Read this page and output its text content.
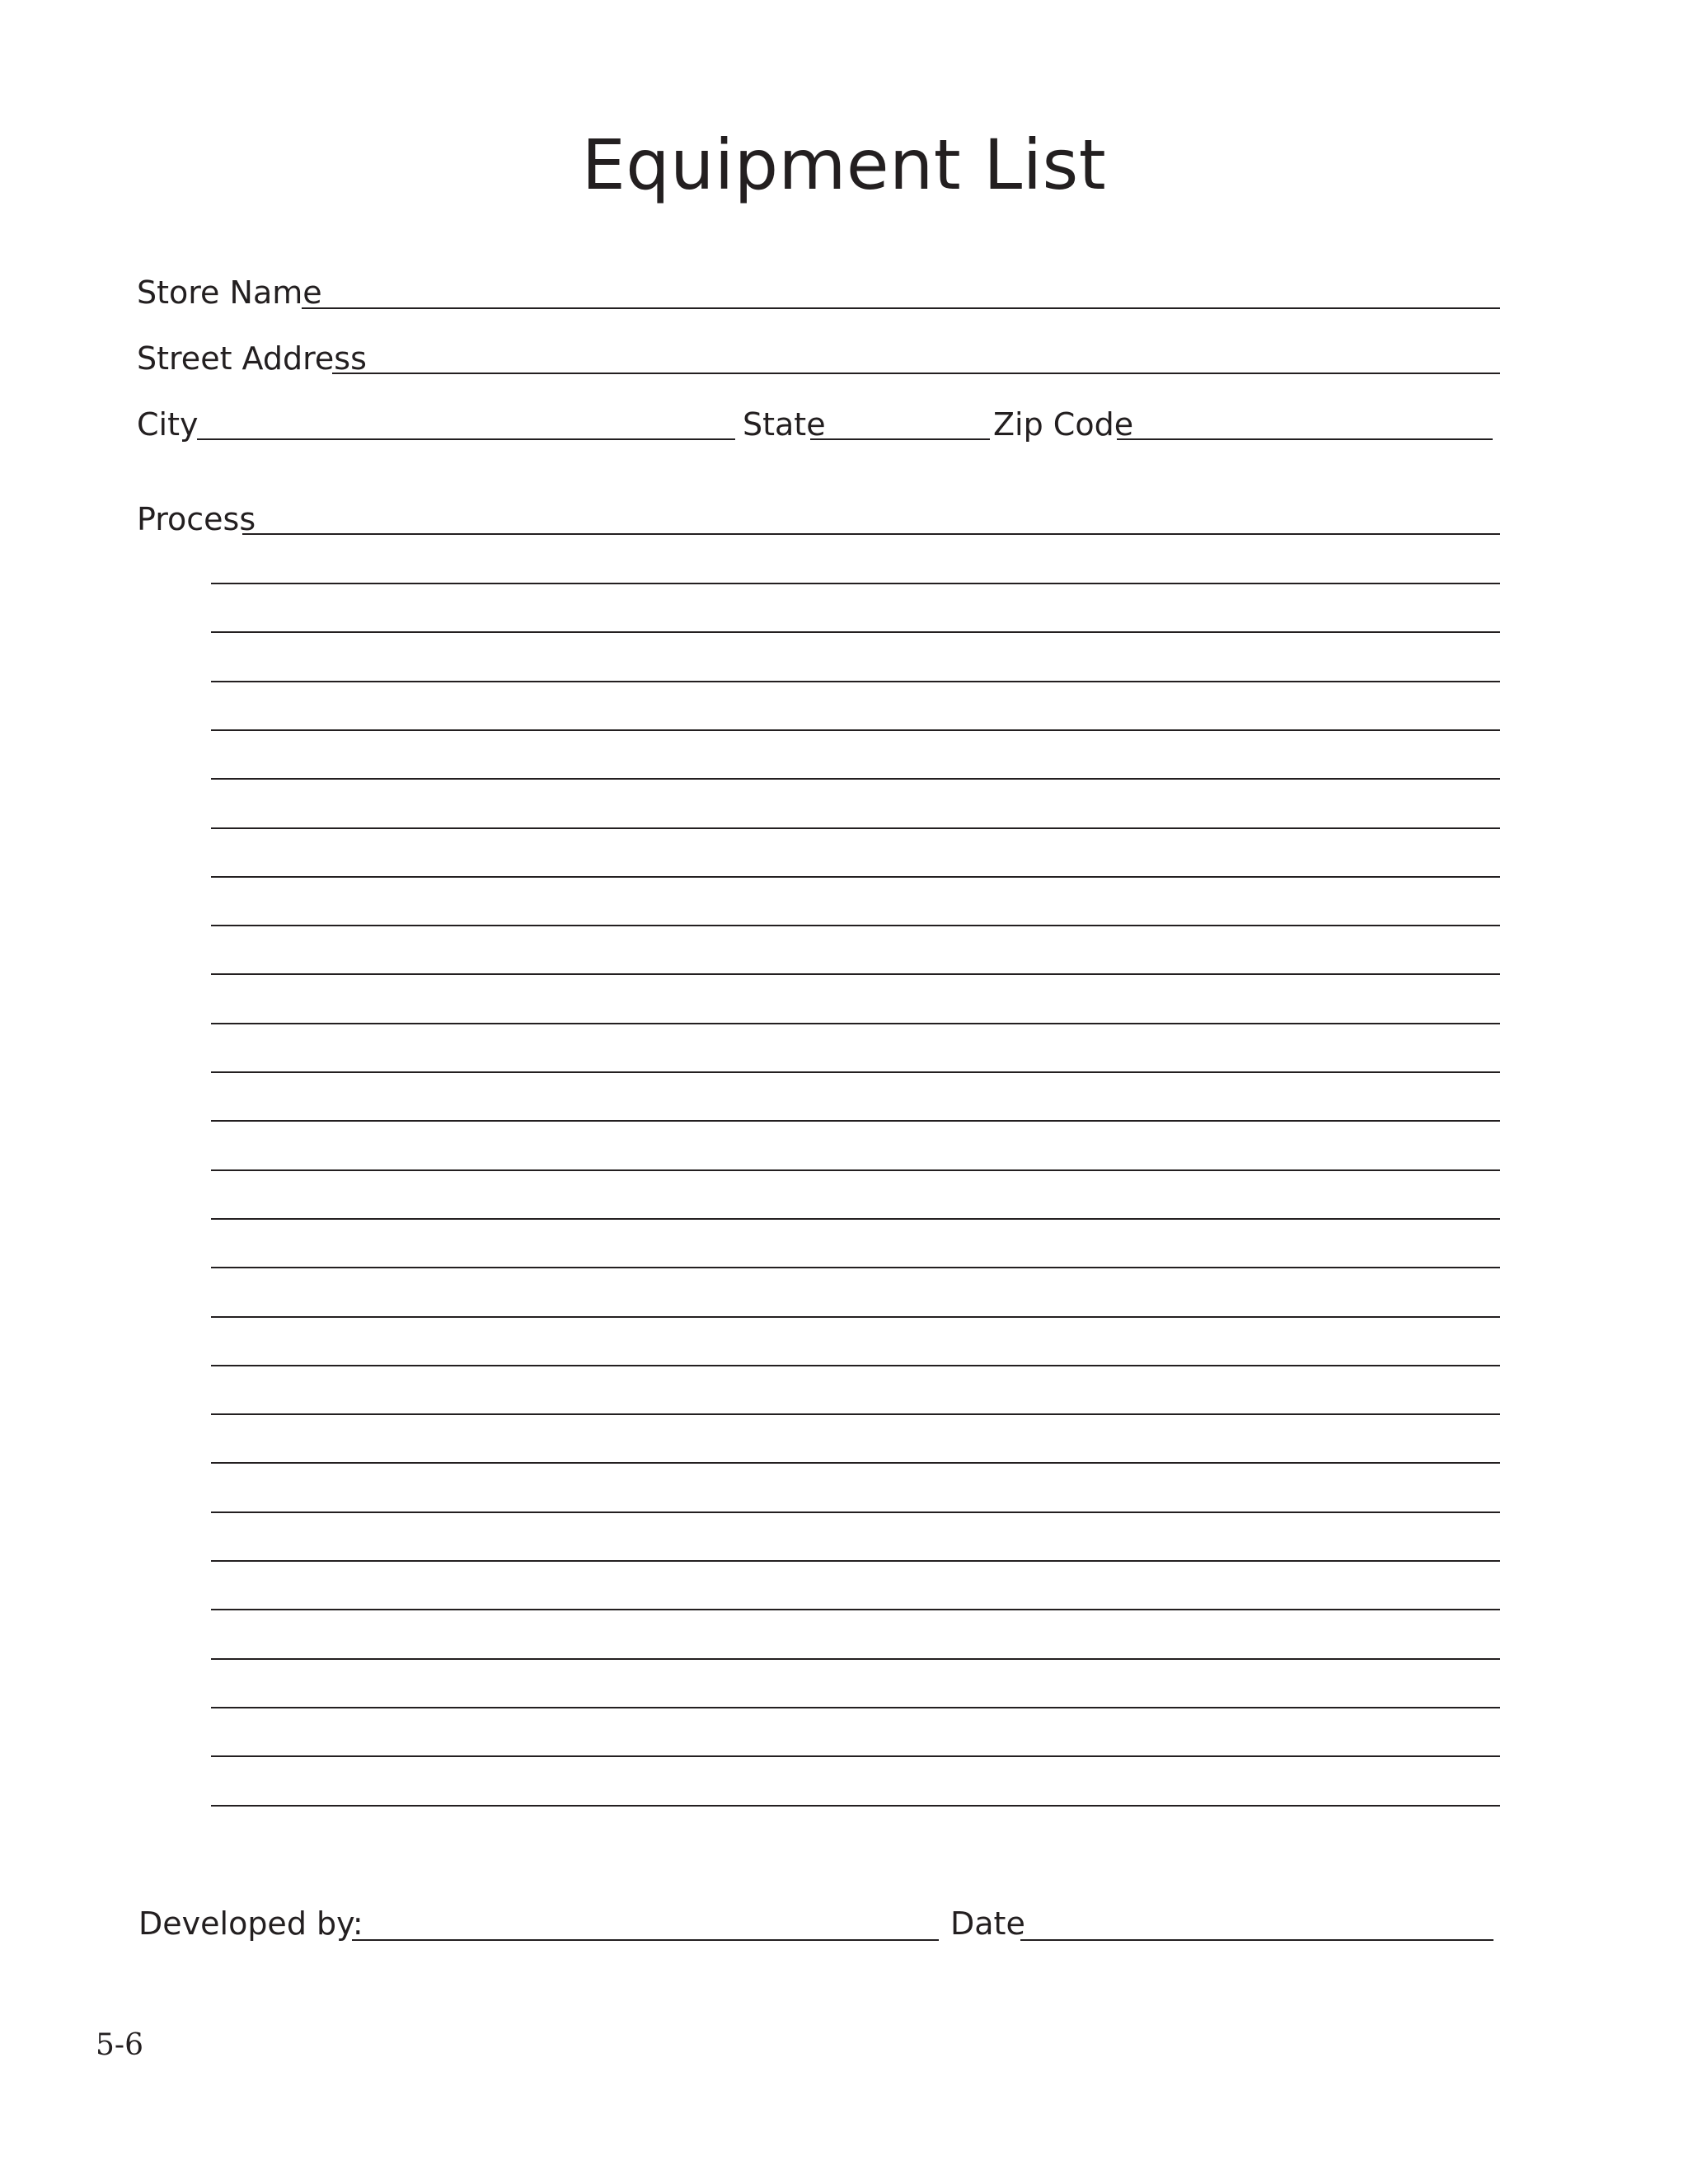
Equipment List
Store Name
Street Address
City	State	Zip Code
Process
Developed by:	Date
5-6
